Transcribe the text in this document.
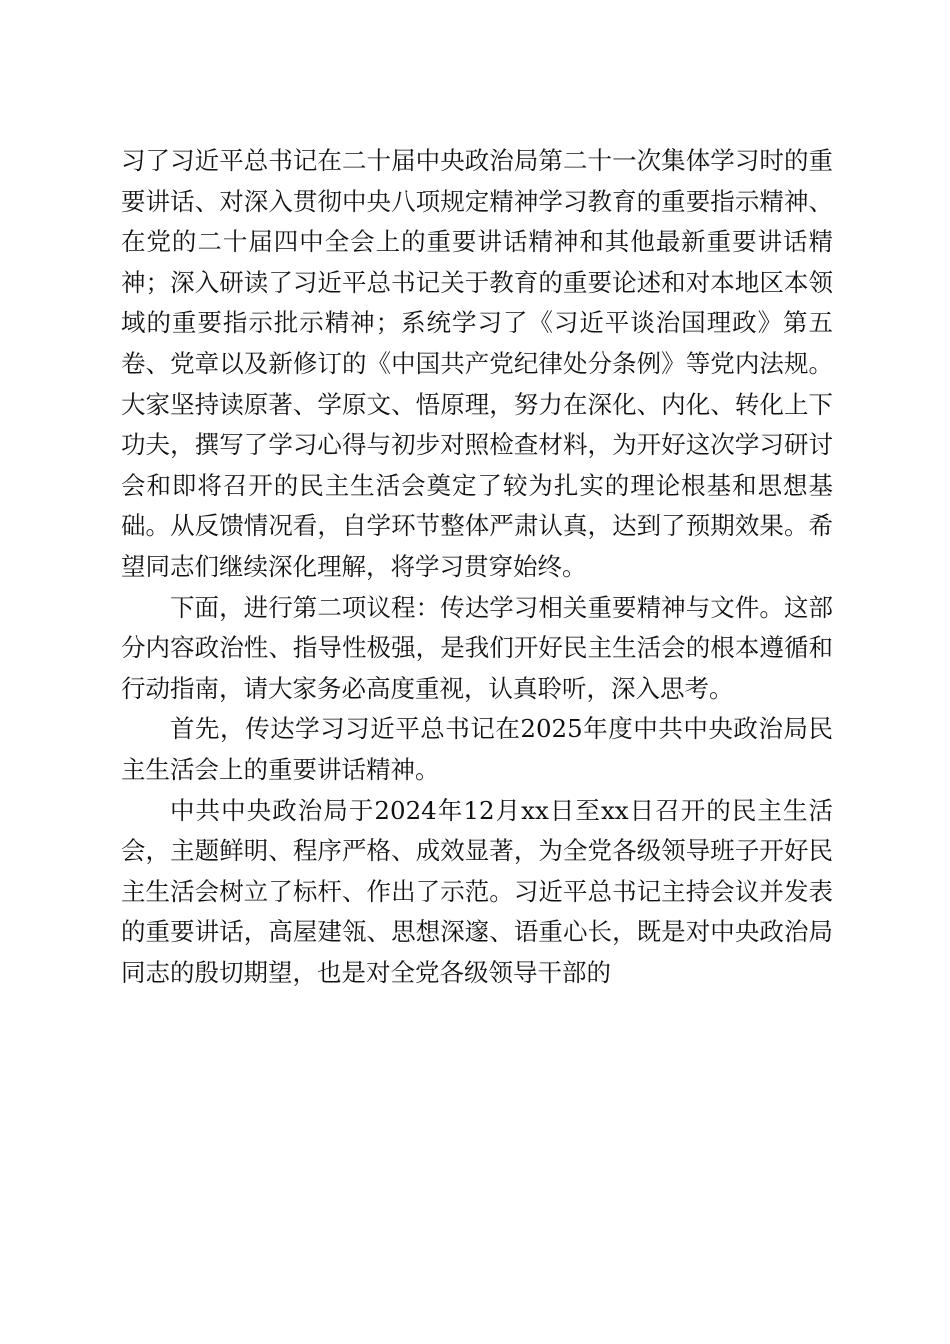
习了习近平总书记在二十届中央政治局第二十一次集体学习时的重要讲话、对深入贯彻中央八项规定精神学习教育的重要指示精神、在党的二十届四中全会上的重要讲话精神和其他最新重要讲话精神；深入研读了习近平总书记关于教育的重要论述和对本地区本领域的重要指示批示精神；系统学习了《习近平谈治国理政》第五卷、党章以及新修订的《中国共产党纪律处分条例》等党内法规。大家坚持读原著、学原文、悟原理，努力在深化、内化、转化上下功夫，撰写了学习心得与初步对照检查材料，为开好这次学习研讨会和即将召开的民主生活会奠定了较为扎实的理论根基和思想基础。从反馈情况看，自学环节整体严肃认真，达到了预期效果。希望同志们继续深化理解，将学习贯穿始终。

下面，进行第二项议程：传达学习相关重要精神与文件。这部分内容政治性、指导性极强，是我们开好民主生活会的根本遵循和行动指南，请大家务必高度重视，认真聆听，深入思考。

首先，传达学习习近平总书记在2025年度中共中央政治局民主生活会上的重要讲话精神。

中共中央政治局于2024年12月xx日至xx日召开的民主生活会，主题鲜明、程序严格、成效显著，为全党各级领导班子开好民主生活会树立了标杆、作出了示范。习近平总书记主持会议并发表的重要讲话，高屋建瓴、思想深邃、语重心长，既是对中央政治局同志的殷切期望，也是对全党各级领导干部的
